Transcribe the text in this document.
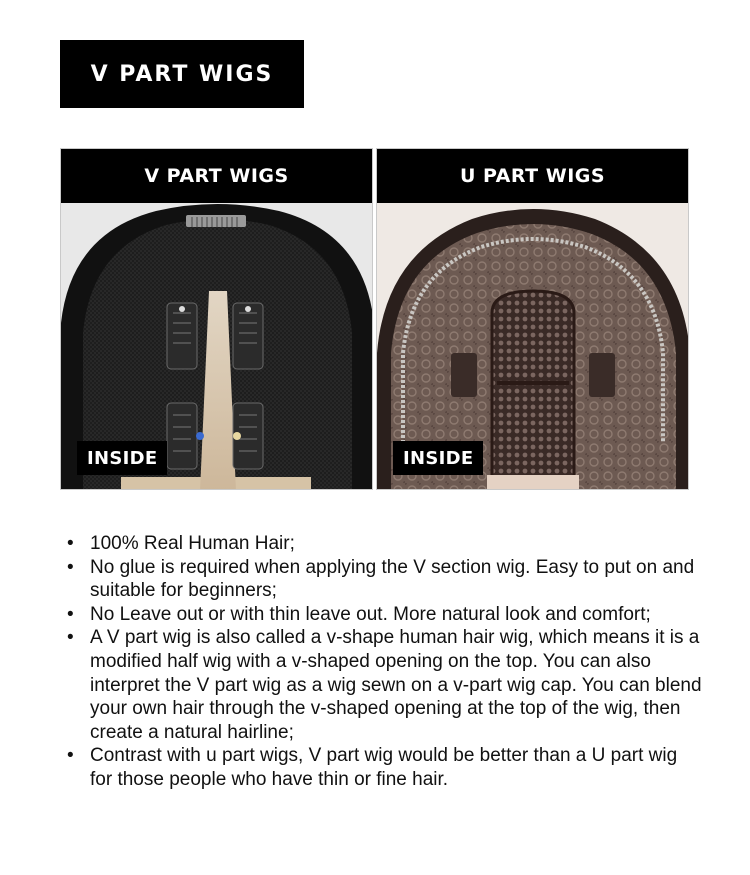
V PART WIGS
V PART WIGS
INSIDE
U PART WIGS
INSIDE
• 100% Real Human Hair;
• No glue is required when applying the V section wig. Easy to put on and suitable for beginners;
• No Leave out or with thin leave out. More natural look and comfort;
• A V part wig is also called a v-shape human hair wig, which means it is a modified half wig with a v-shaped opening on the top. You can also interpret the V part wig as a wig sewn on a v-part wig cap. You can blend your own hair through the v-shaped opening at the top of the wig, then create a natural hairline;
• Contrast with u part wigs, V part wig would be better than a U part wig for those people who have thin or fine hair.
